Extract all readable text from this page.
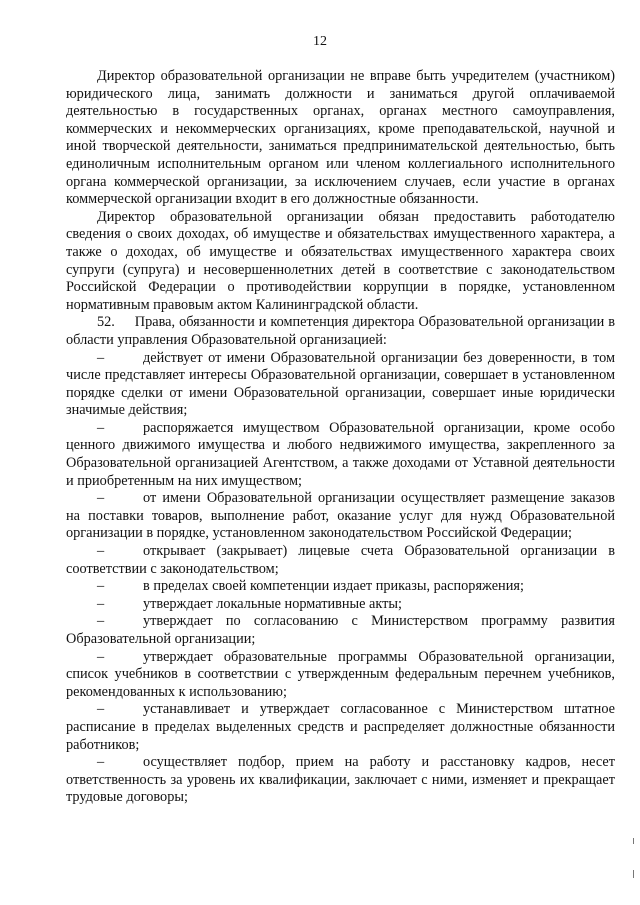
12

Директор образовательной организации не вправе быть учредителем (участником) юридического лица, занимать должности и заниматься другой оплачиваемой деятельностью в государственных органах, органах местного самоуправления, коммерческих и некоммерческих организациях, кроме преподавательской, научной и иной творческой деятельности, заниматься предпринимательской деятельностью, быть единоличным исполнительным органом или членом коллегиального исполнительного органа коммерческой организации, за исключением случаев, если участие в органах коммерческой организации входит в его должностные обязанности.

Директор образовательной организации обязан предоставить работодателю сведения о своих доходах, об имуществе и обязательствах имущественного характера, а также о доходах, об имуществе и обязательствах имущественного характера своих супруги (супруга) и несовершеннолетних детей в соответствие с законодательством Российской Федерации о противодействии коррупции в порядке, установленном нормативным правовым актом Калининградской области.

52.     Права, обязанности и компетенция директора Образовательной организации в области управления Образовательной организацией:

–	действует от имени Образовательной организации без доверенности, в том числе представляет интересы Образовательной организации, совершает в установленном порядке сделки от имени Образовательной организации, совершает иные юридически значимые действия;

–	распоряжается имуществом Образовательной организации, кроме особо ценного движимого имущества и любого недвижимого имущества, закрепленного за Образовательной организацией Агентством, а также доходами от Уставной деятельности и приобретенным на них имуществом;

–	от имени Образовательной организации осуществляет размещение заказов на поставки товаров, выполнение работ, оказание услуг для нужд Образовательной организации в порядке, установленном законодательством Российской Федерации;

–	открывает (закрывает) лицевые счета Образовательной организации в соответствии с законодательством;

–	в пределах своей компетенции издает приказы, распоряжения;

–	утверждает локальные нормативные акты;

–	утверждает по согласованию с Министерством программу развития Образовательной организации;

–	утверждает образовательные программы Образовательной организации, список учебников в соответствии с утвержденным федеральным перечнем учебников, рекомендованных к использованию;

–	устанавливает и утверждает согласованное с Министерством штатное расписание в пределах выделенных средств и распределяет должностные обязанности работников;

–	осуществляет подбор, прием на работу и расстановку кадров, несет ответственность за уровень их квалификации, заключает с ними, изменяет и прекращает трудовые договоры;
